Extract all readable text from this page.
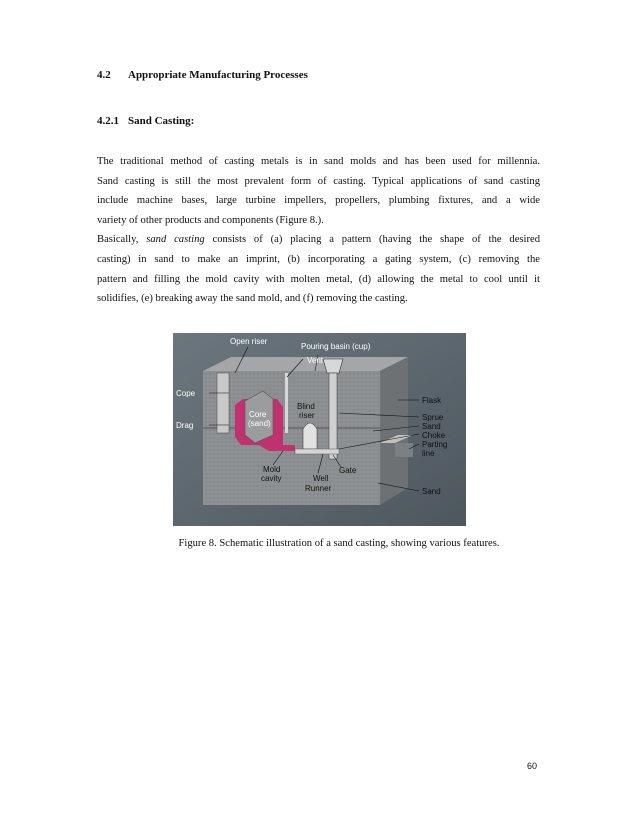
4.2 Appropriate Manufacturing Processes
4.2.1 Sand Casting:
The traditional method of casting metals is in sand molds and has been used for millennia.
Sand casting is still the most prevalent form of casting. Typical applications of sand casting
include machine bases, large turbine impellers, propellers, plumbing fixtures, and a wide
variety of other products and components (Figure 8.).
Basically, sand casting consists of (a) placing a pattern (having the shape of the desired
casting) in sand to make an imprint, (b) incorporating a gating system, (c) removing the
pattern and filling the mold cavity with molten metal, (d) allowing the metal to cool until it
solidifies, (e) breaking away the sand mold, and (f) removing the casting.
Open riser
Pouring basin (cup)
Vent
Cope
Drag
Core
(sand)
Blind
riser
Flask
Sprue
Sand
Choke
Parting
line
Gate
Well
Runner
Mold
cavity
Sand
Figure 8. Schematic illustration of a sand casting, showing various features.
60
